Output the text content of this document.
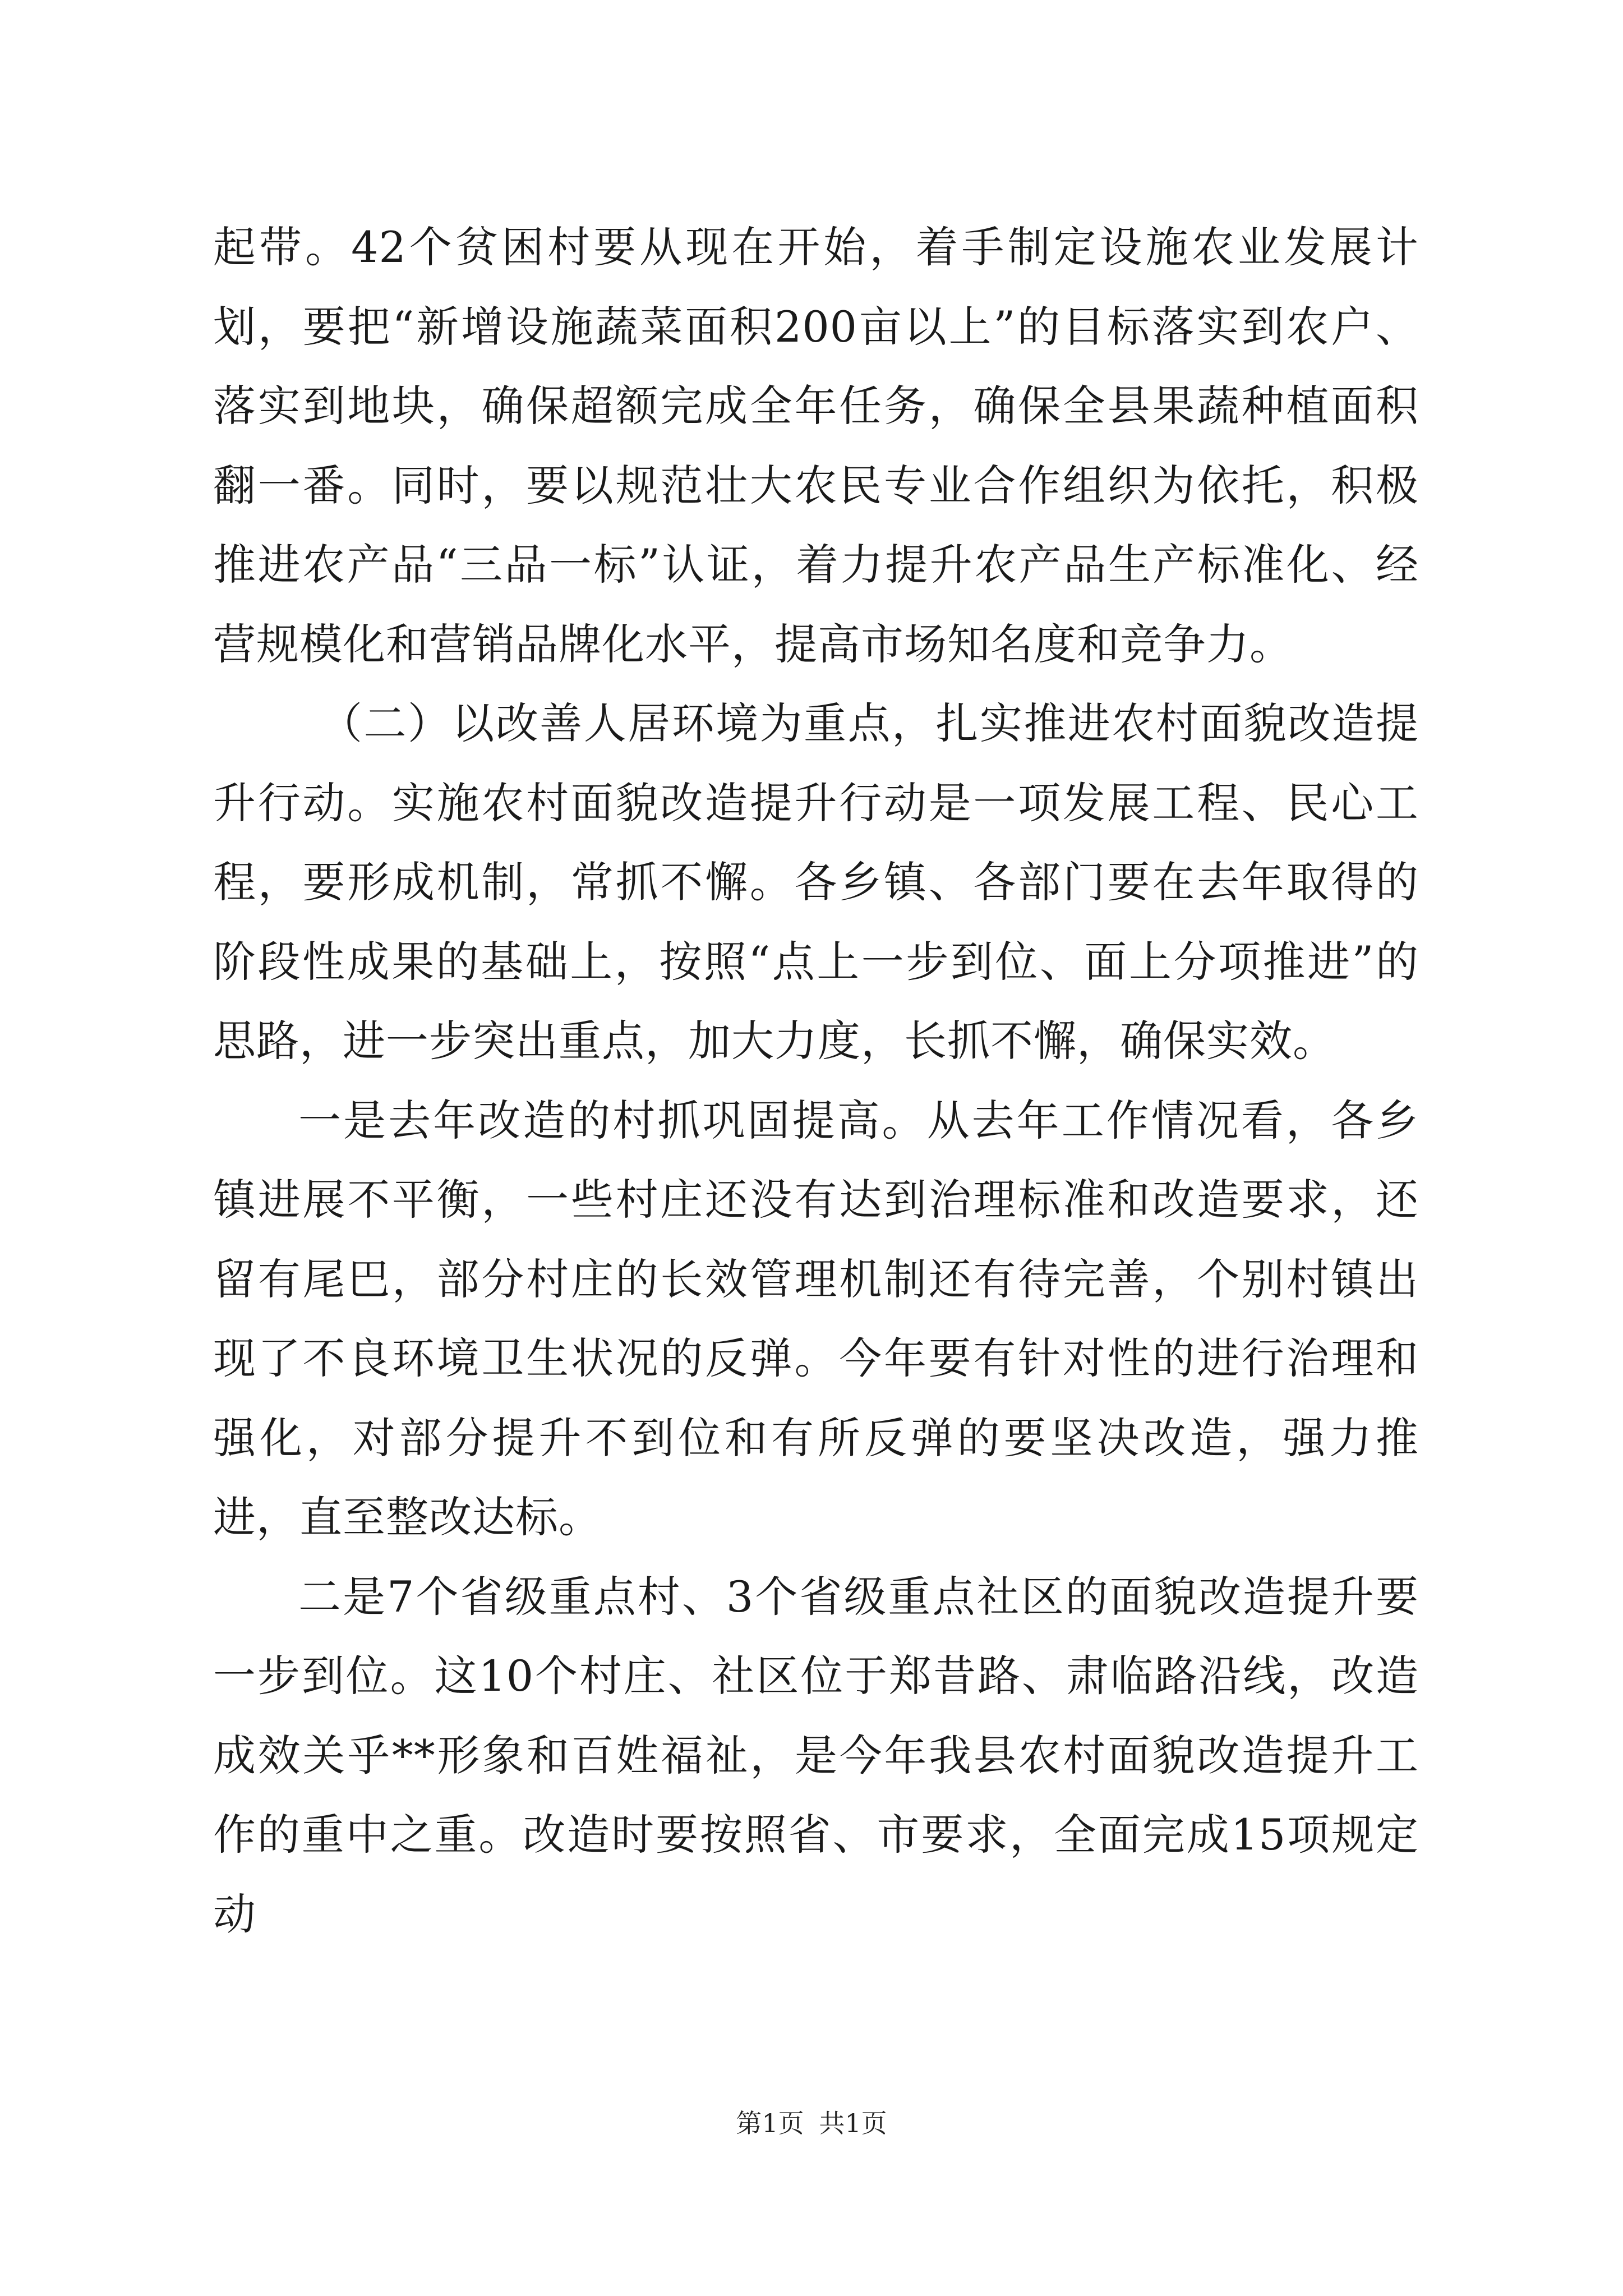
起带。42个贫困村要从现在开始，着手制定设施农业发展计划，要把“新增设施蔬菜面积200亩以上”的目标落实到农户、落实到地块，确保超额完成全年任务，确保全县果蔬种植面积翻一番。同时，要以规范壮大农民专业合作组织为依托，积极推进农产品“三品一标”认证，着力提升农产品生产标准化、经营规模化和营销品牌化水平，提高市场知名度和竞争力。

（二）以改善人居环境为重点，扎实推进农村面貌改造提升行动。实施农村面貌改造提升行动是一项发展工程、民心工程，要形成机制，常抓不懈。各乡镇、各部门要在去年取得的阶段性成果的基础上，按照“点上一步到位、面上分项推进”的思路，进一步突出重点，加大力度，长抓不懈，确保实效。

一是去年改造的村抓巩固提高。从去年工作情况看，各乡镇进展不平衡，一些村庄还没有达到治理标准和改造要求，还留有尾巴，部分村庄的长效管理机制还有待完善，个别村镇出现了不良环境卫生状况的反弹。今年要有针对性的进行治理和强化，对部分提升不到位和有所反弹的要坚决改造，强力推进，直至整改达标。

二是7个省级重点村、3个省级重点社区的面貌改造提升要一步到位。这10个村庄、社区位于郑昔路、肃临路沿线，改造成效关乎**形象和百姓福祉，是今年我县农村面貌改造提升工作的重中之重。改造时要按照省、市要求，全面完成15项规定动

第1页 共1页
